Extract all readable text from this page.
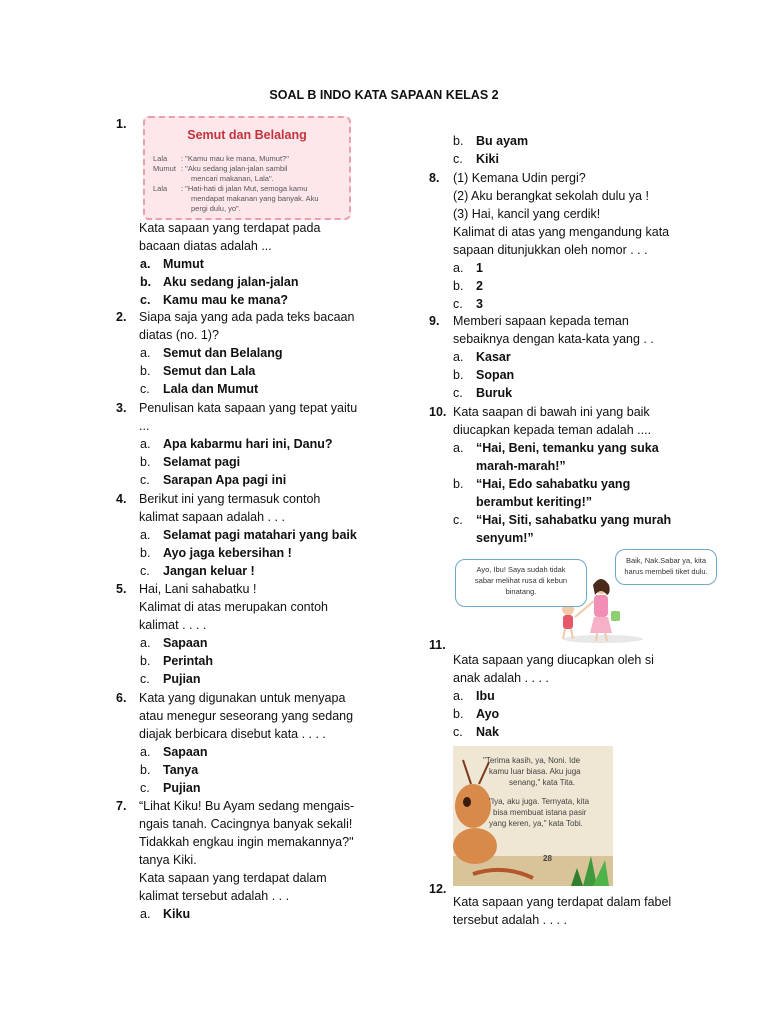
SOAL B INDO KATA SAPAAN KELAS 2
Semut dan Belalang
Lala : "Kamu mau ke mana, Mumut?"
Mumut : "Aku sedang jalan-jalan sambil
mencari makanan, Lala".
Lala : "Hati-hati di jalan Mut, semoga kamu
mendapat makanan yang banyak. Aku
pergi dulu, yo".
Ayo, Ibu! Saya sudah tidak
sabar melihat rusa di kebun
binatang.
Baik, Nak.Sabar ya, kita
harus membeli tiket dulu.
"Terima kasih, ya, Noni. Ide
kamu luar biasa. Aku juga
senang," kata Tita.
"Iya, aku juga. Ternyata, kita
bisa membuat istana pasir
yang keren, ya," kata Tobi.
28
1.
Kata sapaan yang terdapat pada
bacaan diatas adalah ...
a. Mumut
b. Aku sedang jalan-jalan
c. Kamu mau ke mana?
2. Siapa saja yang ada pada teks bacaan
diatas (no. 1)?
a. Semut dan Belalang
b. Semut dan Lala
c. Lala dan Mumut
3. Penulisan kata sapaan yang tepat yaitu
...
a. Apa kabarmu hari ini, Danu?
b. Selamat pagi
c. Sarapan Apa pagi ini
4. Berikut ini yang termasuk contoh
kalimat sapaan adalah . . .
a. Selamat pagi matahari yang baik
b. Ayo jaga kebersihan !
c. Jangan keluar !
5. Hai, Lani sahabatku !
Kalimat di atas merupakan contoh
kalimat . . . .
a. Sapaan
b. Perintah
c. Pujian
6. Kata yang digunakan untuk menyapa
atau menegur seseorang yang sedang
diajak berbicara disebut kata . . . .
a. Sapaan
b. Tanya
c. Pujian
7. “Lihat Kiku! Bu Ayam sedang mengais-
ngais tanah. Cacingnya banyak sekali!
Tidakkah engkau ingin memakannya?"
tanya Kiki.
Kata sapaan yang terdapat dalam
kalimat tersebut adalah . . .
a. Kiku
b. Bu ayam
c. Kiki
8. (1) Kemana Udin pergi?
(2) Aku berangkat sekolah dulu ya !
(3) Hai, kancil yang cerdik!
Kalimat di atas yang mengandung kata
sapaan ditunjukkan oleh nomor . . .
a. 1
b. 2
c. 3
9. Memberi sapaan kepada teman
sebaiknya dengan kata-kata yang . .
a. Kasar
b. Sopan
c. Buruk
10. Kata saapan di bawah ini yang baik
diucapkan kepada teman adalah ....
a. “Hai, Beni, temanku yang suka
marah-marah!”
b. “Hai, Edo sahabatku yang
berambut keriting!”
c. “Hai, Siti, sahabatku yang murah
senyum!”
11.
Kata sapaan yang diucapkan oleh si
anak adalah . . . .
a. Ibu
b. Ayo
c. Nak
12.
Kata sapaan yang terdapat dalam fabel
tersebut adalah . . . .
